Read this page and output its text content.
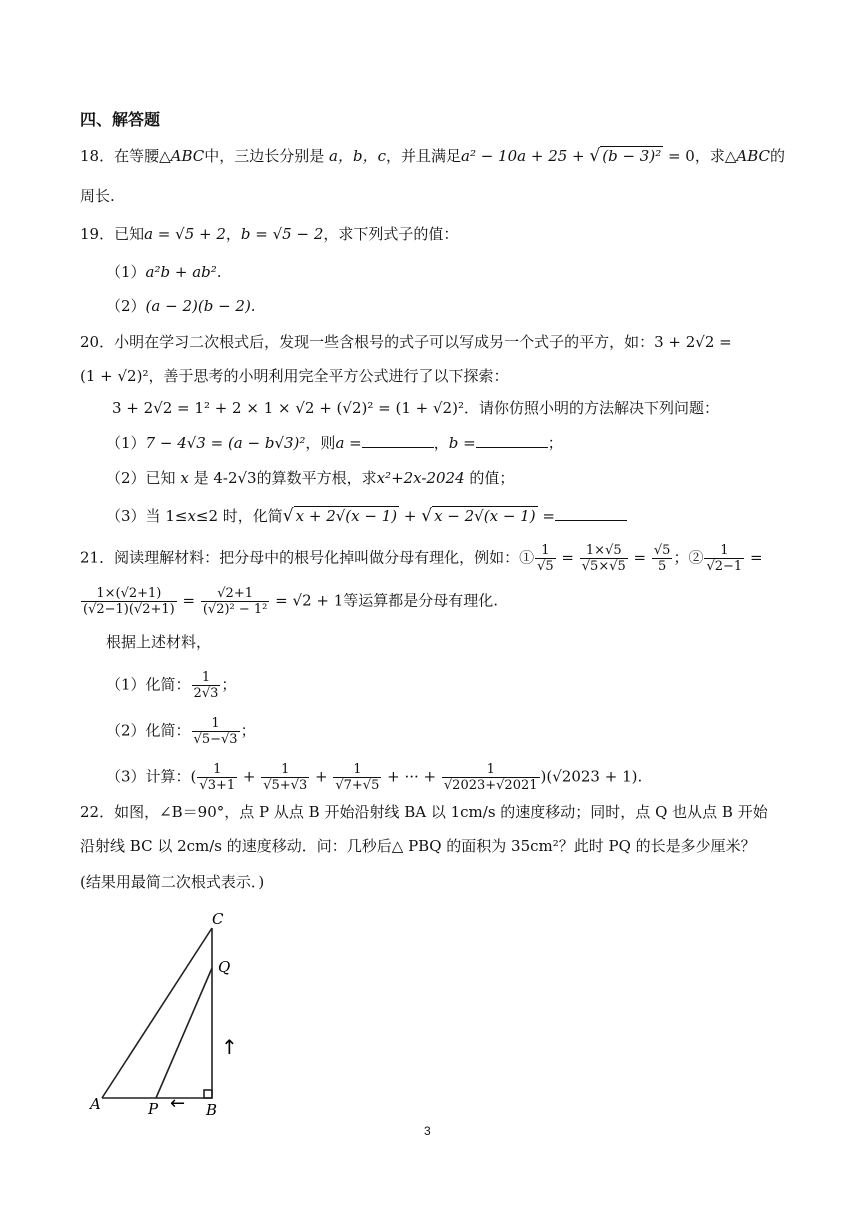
四、解答题
18．在等腰△ABC中，三边长分别是 a，b，c，并且满足a² − 10a + 25 + √ (b − 3)² = 0，求△ABC的
周长.
19．已知a = √5 + 2，b = √5 − 2，求下列式子的值：
（1）a²b + ab².
（2）(a − 2)(b − 2).
20．小明在学习二次根式后，发现一些含根号的式子可以写成另一个式子的平方，如：3 + 2√2 =
(1 + √2)²，善于思考的小明利用完全平方公式进行了以下探索：
3 + 2√2 = 1² + 2 × 1 × √2 + (√2)² = (1 + √2)²．请你仿照小明的方法解决下列问题：
（1）7 − 4√3 = (a − b√3)²，则a =	，b =	；
（2）已知 x 是 4-2√3的算数平方根，求x²+2x-2024 的值；
（3）当 1≤x≤2 时，化简√ x + 2√(x − 1) + √ x − 2√(x − 1) =
21．阅读理解材料：把分母中的根号化掉叫做分母有理化，例如：① $\frac{1}{√5} = \frac{1\times√5}{√5\times√5} = \frac{√5}{5}$ ；② $\frac{1}{√2-1}$ =
$\frac{1\times(√2+1)}{(√2-1)(√2+1)} = \frac{√2+1}{\text{(√2)² − 1²}} = √2 + 1$等运算都是分母有理化.
根据上述材料，
（1）化简： $\frac{1}{2√3}$ ；
（2）化简： $\frac{1}{√5-√3}$ ；
（3）计算：( $\frac{1}{√3+1} + \frac{1}{√5+√3} + \frac{1}{√7+√5}$ + ··· + $\frac{1}{√2023+√2021} )(√2023 + 1)$.
22．如图，∠B＝90°，点 P 从点 B 开始沿射线 BA 以 1cm/s 的速度移动；同时，点 Q 也从点 B 开始
沿射线 BC 以 2cm/s 的速度移动．问：几秒后△ PBQ 的面积为 35cm²？此时 PQ 的长是多少厘米？
(结果用最简二次根式表示．)
A	P	B
Q
C
↑
←
3
